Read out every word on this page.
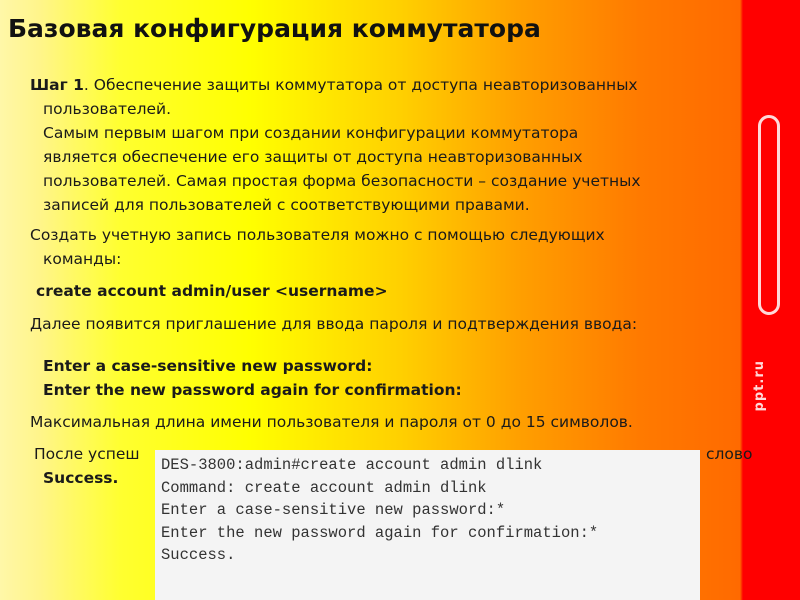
ppt.ru
Базовая конфигурация коммутатора
Шаг 1. Обеспечение защиты коммутатора от доступа неавторизованных
пользователей.
Самым первым шагом при создании конфигурации коммутатора
является обеспечение его защиты от доступа неавторизованных
пользователей. Самая простая форма безопасности – создание учетных
записей для пользователей с соответствующими правами.
Создать учетную запись пользователя можно с помощью следующих
команды:
create account admin/user <username>
Далее появится приглашение для ввода пароля и подтверждения ввода:
Enter a case-sensitive new password:
Enter the new password again for confirmation:
Максимальная длина имени пользователя и пароля от 0 до 15 символов.
После успеш	слово
Success.
DES-3800:admin#create account admin dlink
Command: create account admin dlink
Enter a case-sensitive new password:*
Enter the new password again for confirmation:*
Success.
